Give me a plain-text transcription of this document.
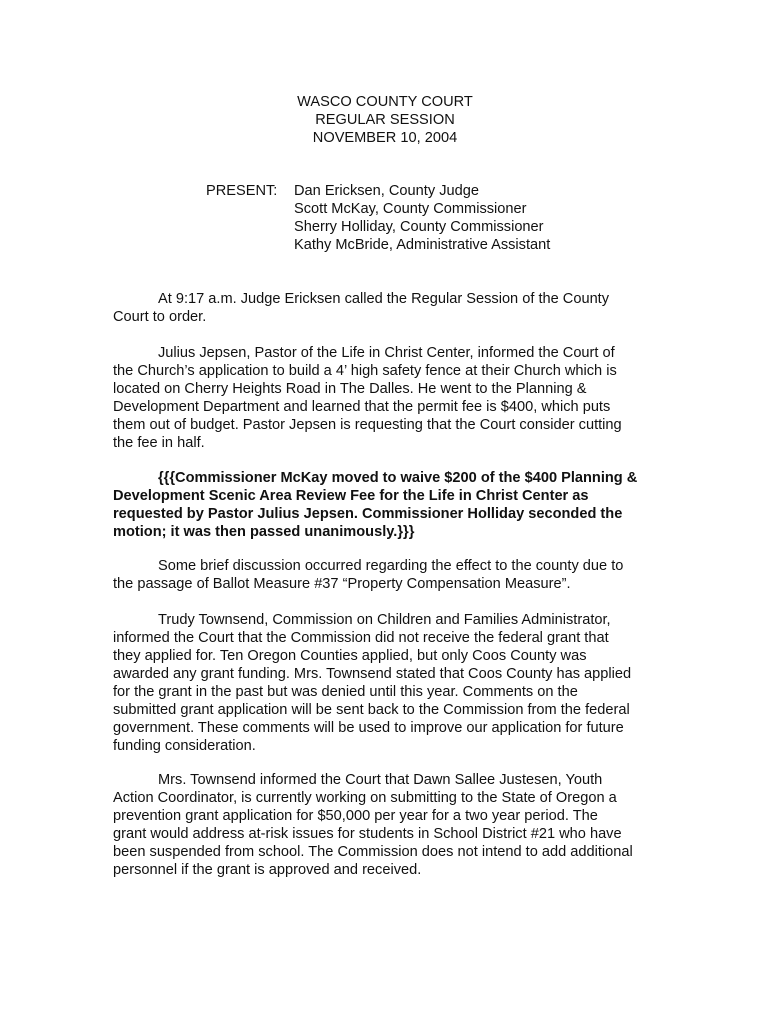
WASCO COUNTY COURT
REGULAR SESSION
NOVEMBER 10, 2004
PRESENT: Dan Ericksen, County Judge
Scott McKay, County Commissioner
Sherry Holliday, County Commissioner
Kathy McBride, Administrative Assistant
At 9:17 a.m. Judge Ericksen called the Regular Session of the County
Court to order.
Julius Jepsen, Pastor of the Life in Christ Center, informed the Court of
the Church’s application to build a 4’ high safety fence at their Church which is
located on Cherry Heights Road in The Dalles. He went to the Planning &
Development Department and learned that the permit fee is $400, which puts
them out of budget. Pastor Jepsen is requesting that the Court consider cutting
the fee in half.
{{{Commissioner McKay moved to waive $200 of the $400 Planning &
Development Scenic Area Review Fee for the Life in Christ Center as
requested by Pastor Julius Jepsen. Commissioner Holliday seconded the
motion; it was then passed unanimously.}}}
Some brief discussion occurred regarding the effect to the county due to
the passage of Ballot Measure #37 “Property Compensation Measure”.
Trudy Townsend, Commission on Children and Families Administrator,
informed the Court that the Commission did not receive the federal grant that
they applied for. Ten Oregon Counties applied, but only Coos County was
awarded any grant funding. Mrs. Townsend stated that Coos County has applied
for the grant in the past but was denied until this year. Comments on the
submitted grant application will be sent back to the Commission from the federal
government. These comments will be used to improve our application for future
funding consideration.
Mrs. Townsend informed the Court that Dawn Sallee Justesen, Youth
Action Coordinator, is currently working on submitting to the State of Oregon a
prevention grant application for $50,000 per year for a two year period. The
grant would address at-risk issues for students in School District #21 who have
been suspended from school. The Commission does not intend to add additional
personnel if the grant is approved and received.
